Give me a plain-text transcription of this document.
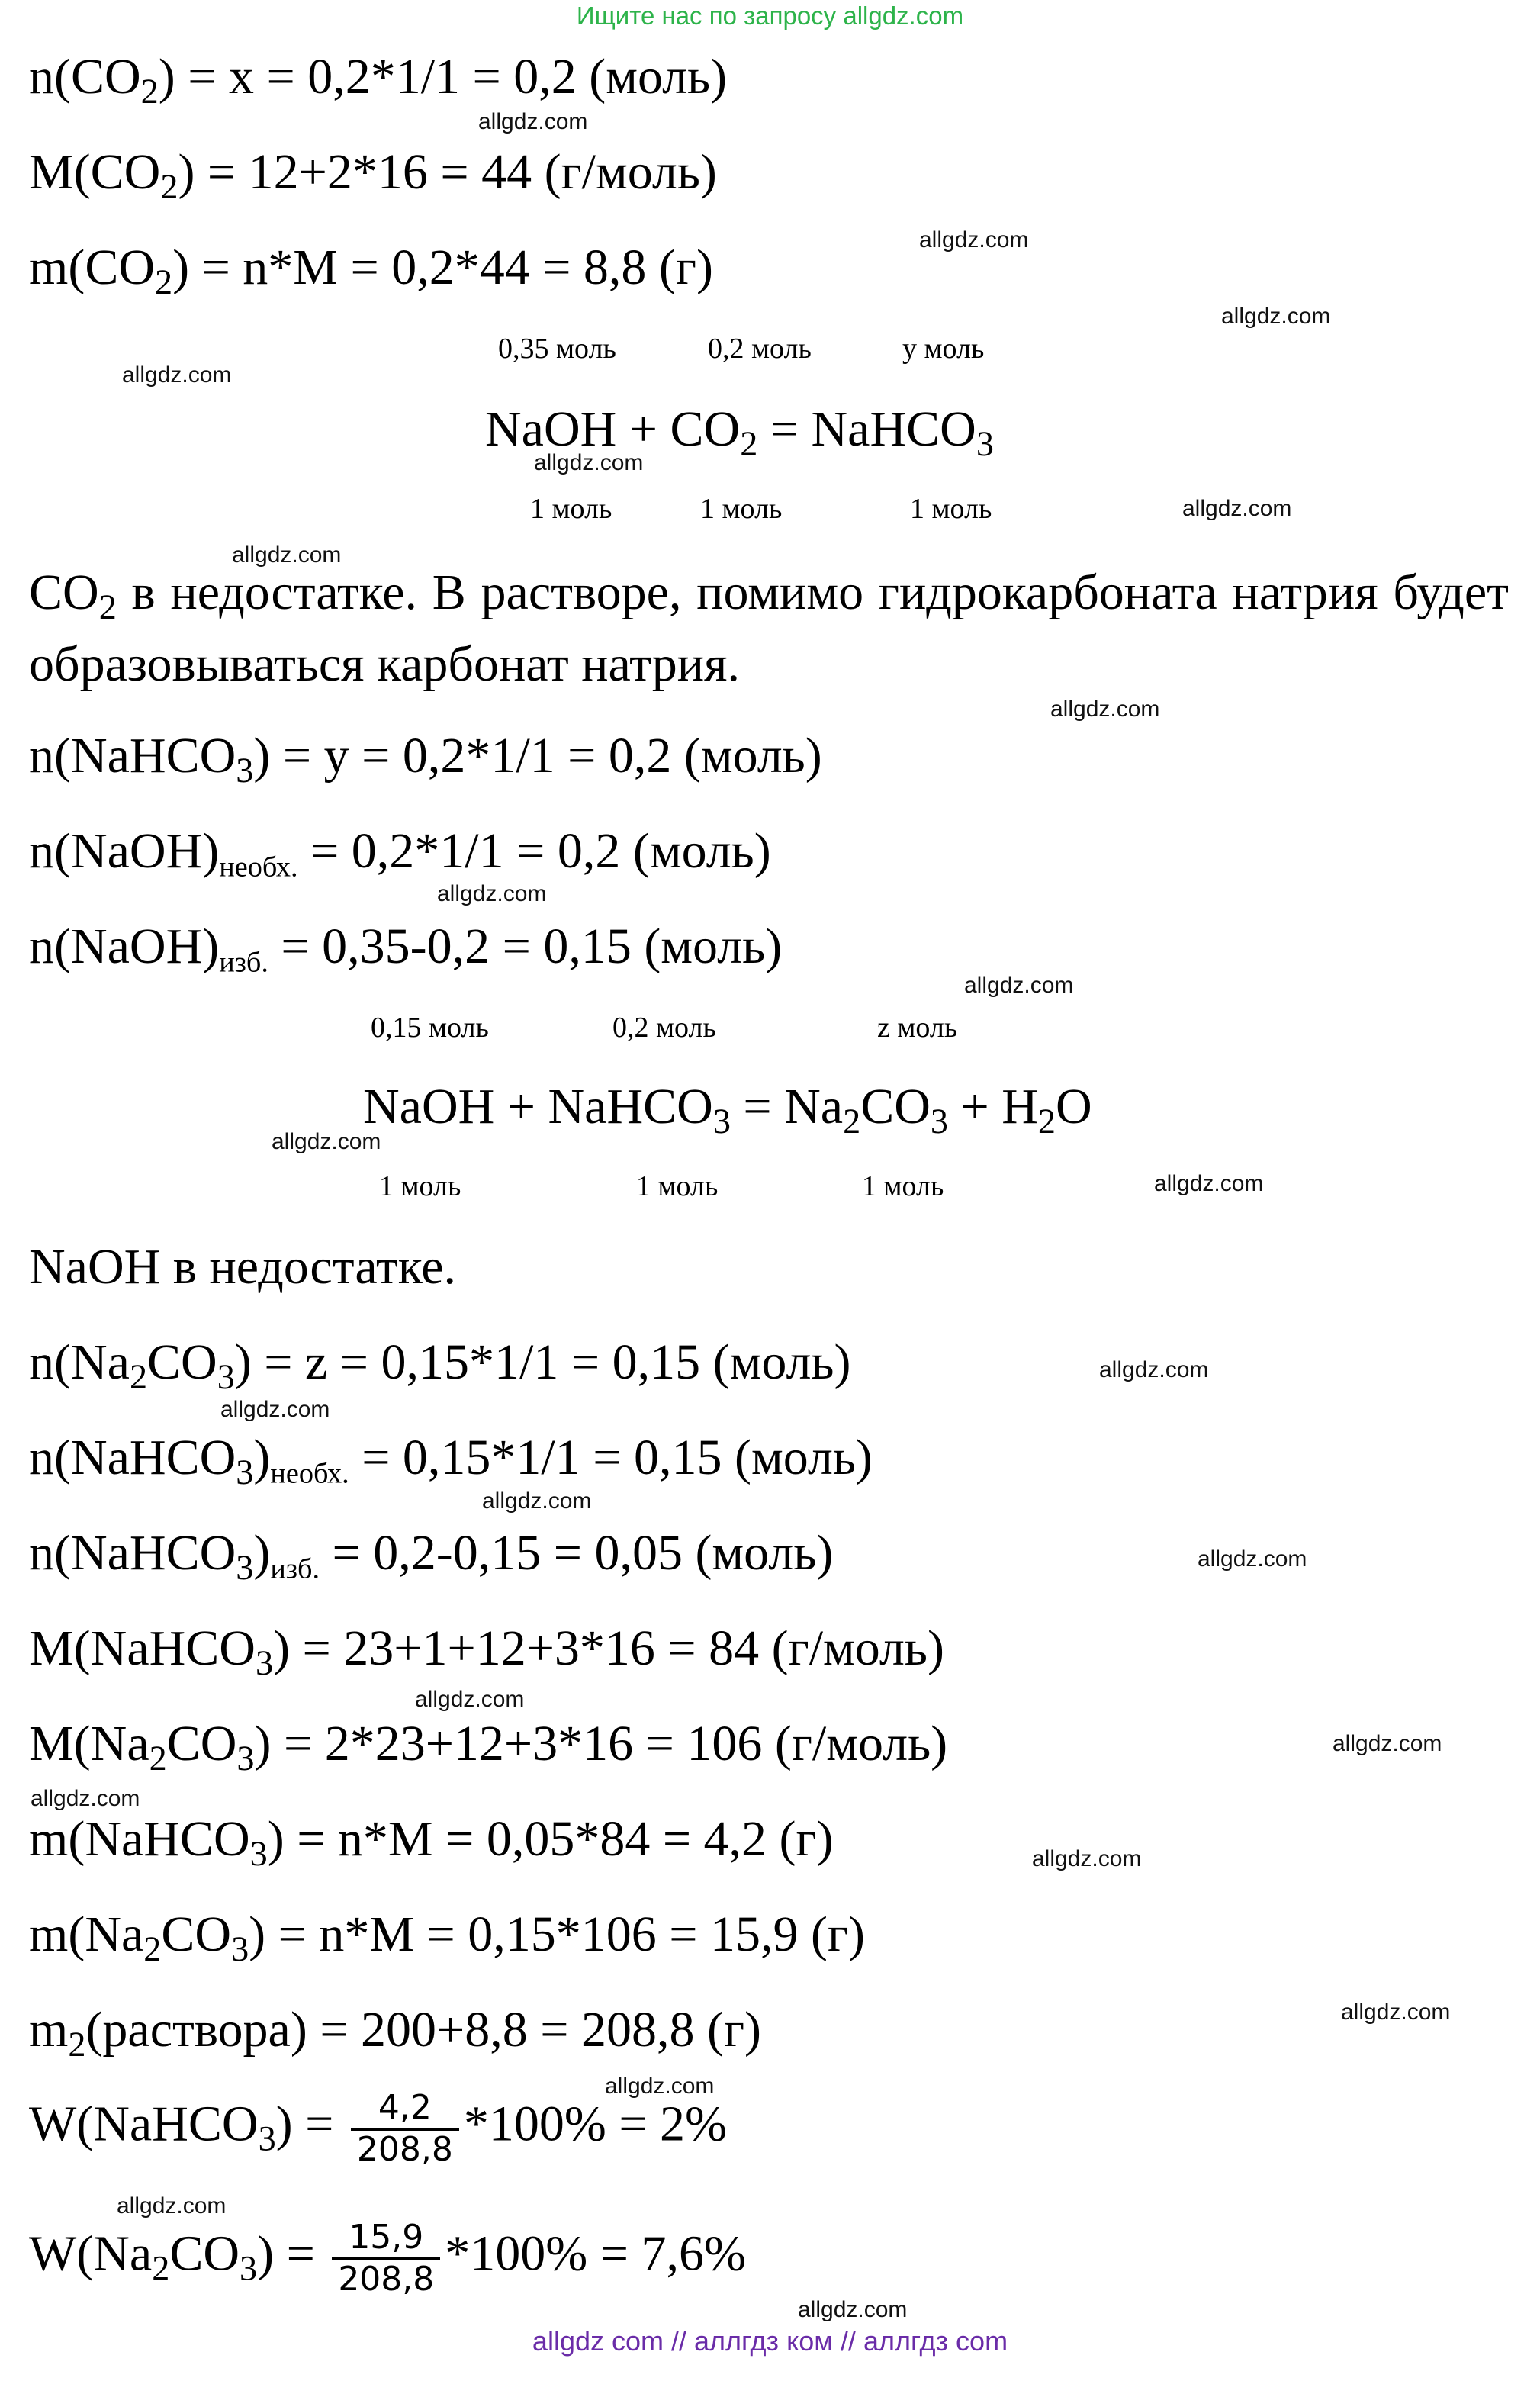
Ищите нас по запросу allgdz.com

$n(CO_2) = x = 0,2*1/1 = 0,2$ (моль)

$M(CO_2) = 12+2*16 = 44$ (г/моль)

$m(CO_2) = n*M = 0,2*44 = 8,8$ (г)

0,35 моль	0,2 моль	y моль

NaOH + $CO_2$ = NaHCO$_3$

1 моль	1 моль	1 моль

$CO_2$ в недостатке. В растворе, помимо гидрокарбоната натрия будет образовываться карбонат натрия.

n(NaHCO$_3$) = y = 0,2*1/1 = 0,2 (моль)

$n(NaOH)_{необх.} = 0,2*1/1 = 0,2$ (моль)

$n(NaOH)_{изб.} = 0,35-0,2 = 0,15$ (моль)

0,15 моль	0,2 моль	z моль

NaOH + NaHCO$_3$ = $Na_2CO_3 + H_2O$

1 моль	1 моль	1 моль

NaOH в недостатке.

$n(Na_2CO_3) = z = 0,15*1/1 = 0,15$ (моль)

$n(NaHCO_3)_{необх.} = 0,15*1/1 = 0,15$ (моль)

$n(NaHCO_3)_{изб.} = 0,2-0,15 = 0,05$ (моль)

M(NaHCO$_3$) = 23+1+12+3*16 = 84 (г/моль)

$M(Na_2CO_3) = 2*23+12+3*16 = 106$ (г/моль)

m(NaHCO$_3$) = n*M = 0,05*84 = 4,2 (г)

$m(Na_2CO_3) = n*M = 0,15*106 = 15,9$ (г)

$m_2(раствора) = 200+8,8 = 208,8$ (г)

W(NaHCO$_3$) = $\frac{4,2}{208,8} *100\% = 2\%$

$W(Na_2CO_3) = \frac{15,9}{208,8} *100\% = 7,6\%$

allgdz.com
allgdz.com
allgdz.com
allgdz.com
allgdz.com
allgdz.com
allgdz.com
allgdz.com
allgdz.com
allgdz.com
allgdz.com
allgdz.com
allgdz.com
allgdz.com
allgdz.com
allgdz.com
allgdz.com
allgdz.com
allgdz.com
allgdz.com
allgdz.com
allgdz.com
allgdz.com
allgdz.com
allgdz com // аллгдз ком // аллгдз com
